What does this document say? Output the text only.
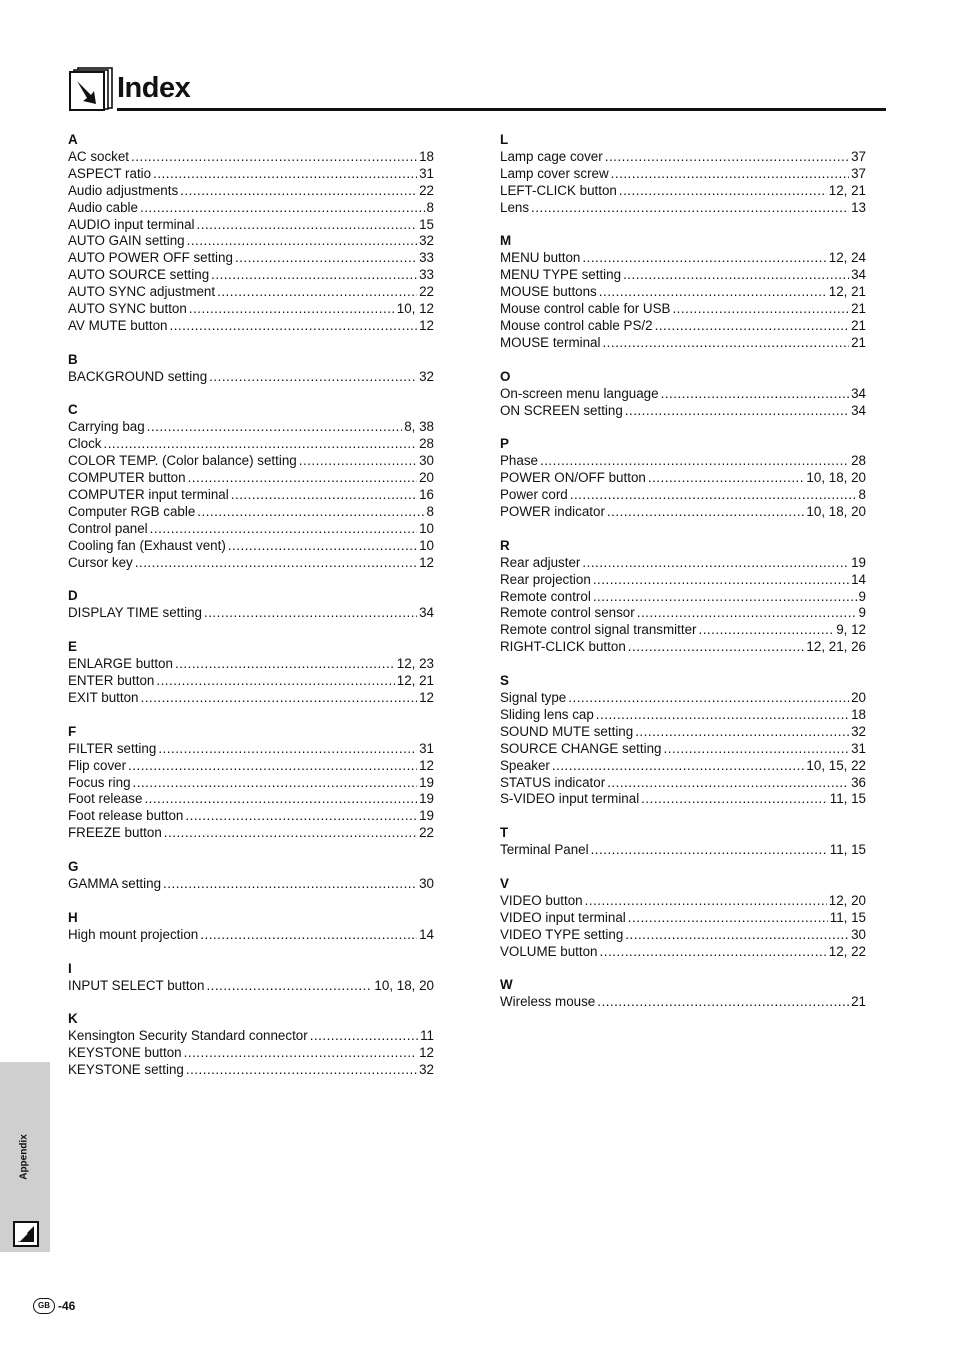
Index
A
AC socket .....	18
ASPECT ratio .....	31
Audio adjustments .....	22
Audio cable .....	8
AUDIO input terminal .....	15
AUTO GAIN setting .....	32
AUTO POWER OFF setting .....	33
AUTO SOURCE setting .....	33
AUTO SYNC adjustment .....	22
AUTO SYNC button .....	10, 12
AV MUTE button .....	12
B
BACKGROUND setting .....	32
C
Carrying bag .....	8, 38
Clock .....	28
COLOR TEMP. (Color balance) setting .....	30
COMPUTER button .....	20
COMPUTER input terminal .....	16
Computer RGB cable .....	8
Control panel .....	10
Cooling fan (Exhaust vent) .....	10
Cursor key .....	12
D
DISPLAY TIME setting .....	34
E
ENLARGE button .....	12, 23
ENTER button .....	12, 21
EXIT button .....	12
F
FILTER setting .....	31
Flip cover .....	12
Focus ring .....	19
Foot release .....	19
Foot release button .....	19
FREEZE button .....	22
G
GAMMA setting .....	30
H
High mount projection .....	14
I
INPUT SELECT button .....	10, 18, 20
K
Kensington Security Standard connector .....	11
KEYSTONE button .....	12
KEYSTONE setting .....	32
L
Lamp cage cover .....	37
Lamp cover screw .....	37
LEFT-CLICK button .....	12, 21
Lens .....	13
M
MENU button .....	12, 24
MENU TYPE setting .....	34
MOUSE buttons .....	12, 21
Mouse control cable for USB .....	21
Mouse control cable PS/2 .....	21
MOUSE terminal .....	21
O
On-screen menu language .....	34
ON SCREEN setting .....	34
P
Phase .....	28
POWER ON/OFF button .....	10, 18, 20
Power cord .....	8
POWER indicator .....	10, 18, 20
R
Rear adjuster .....	19
Rear projection .....	14
Remote control .....	9
Remote control sensor .....	9
Remote control signal transmitter .....	9, 12
RIGHT-CLICK button .....	12, 21, 26
S
Signal type .....	20
Sliding lens cap .....	18
SOUND MUTE setting .....	32
SOURCE CHANGE setting .....	31
Speaker .....	10, 15, 22
STATUS indicator .....	36
S-VIDEO input terminal .....	11, 15
T
Terminal Panel .....	11, 15
V
VIDEO button .....	12, 20
VIDEO input terminal .....	11, 15
VIDEO TYPE setting .....	30
VOLUME button .....	12, 22
W
Wireless mouse .....	21
Appendix
GB -46
